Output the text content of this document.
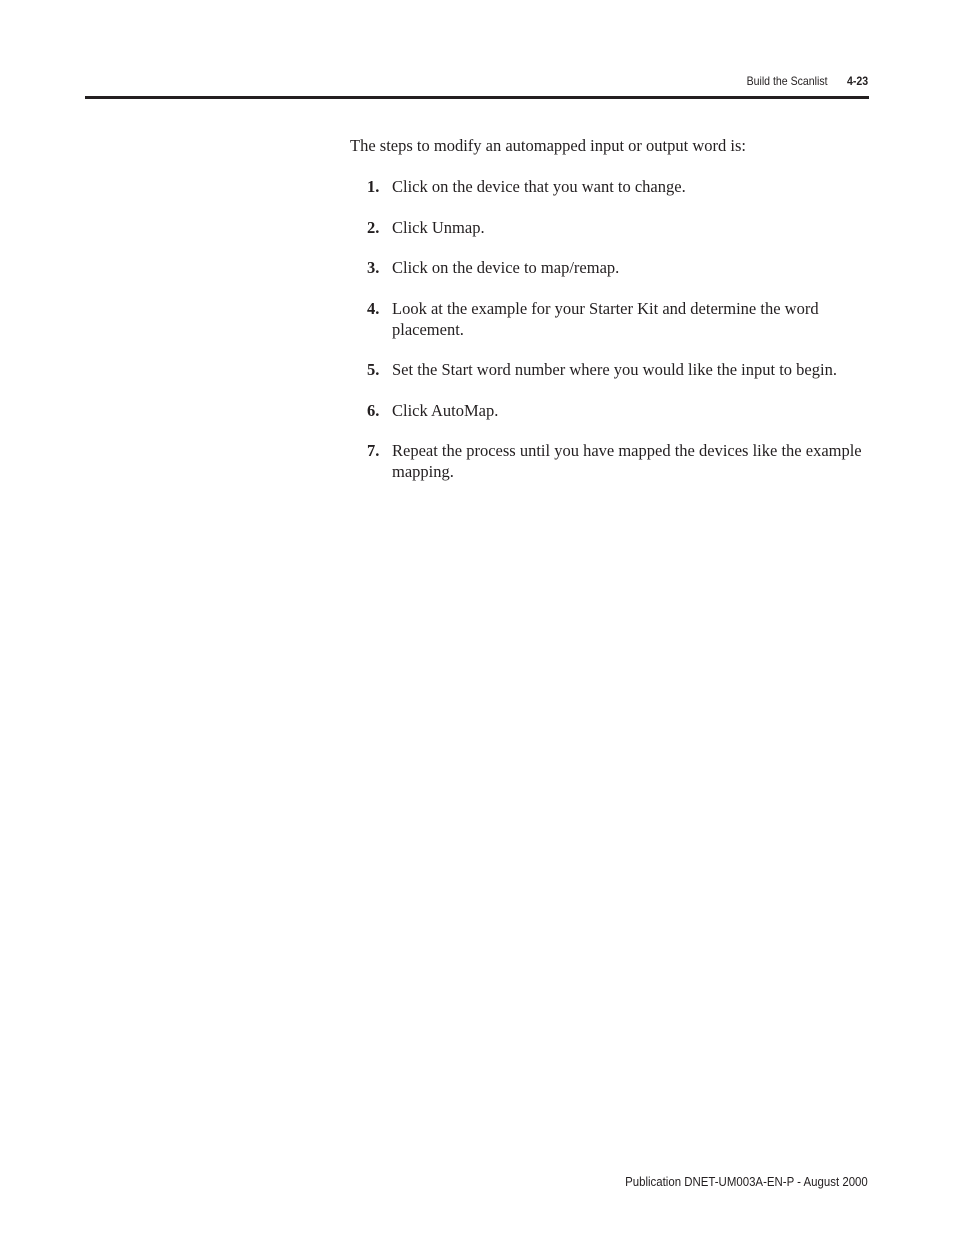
Build the Scanlist 4-23

The steps to modify an automapped input or output word is:

1. Click on the device that you want to change.
2. Click Unmap.
3. Click on the device to map/remap.
4. Look at the example for your Starter Kit and determine the word placement.
5. Set the Start word number where you would like the input to begin.
6. Click AutoMap.
7. Repeat the process until you have mapped the devices like the example mapping.
Publication DNET-UM003A-EN-P - August 2000
